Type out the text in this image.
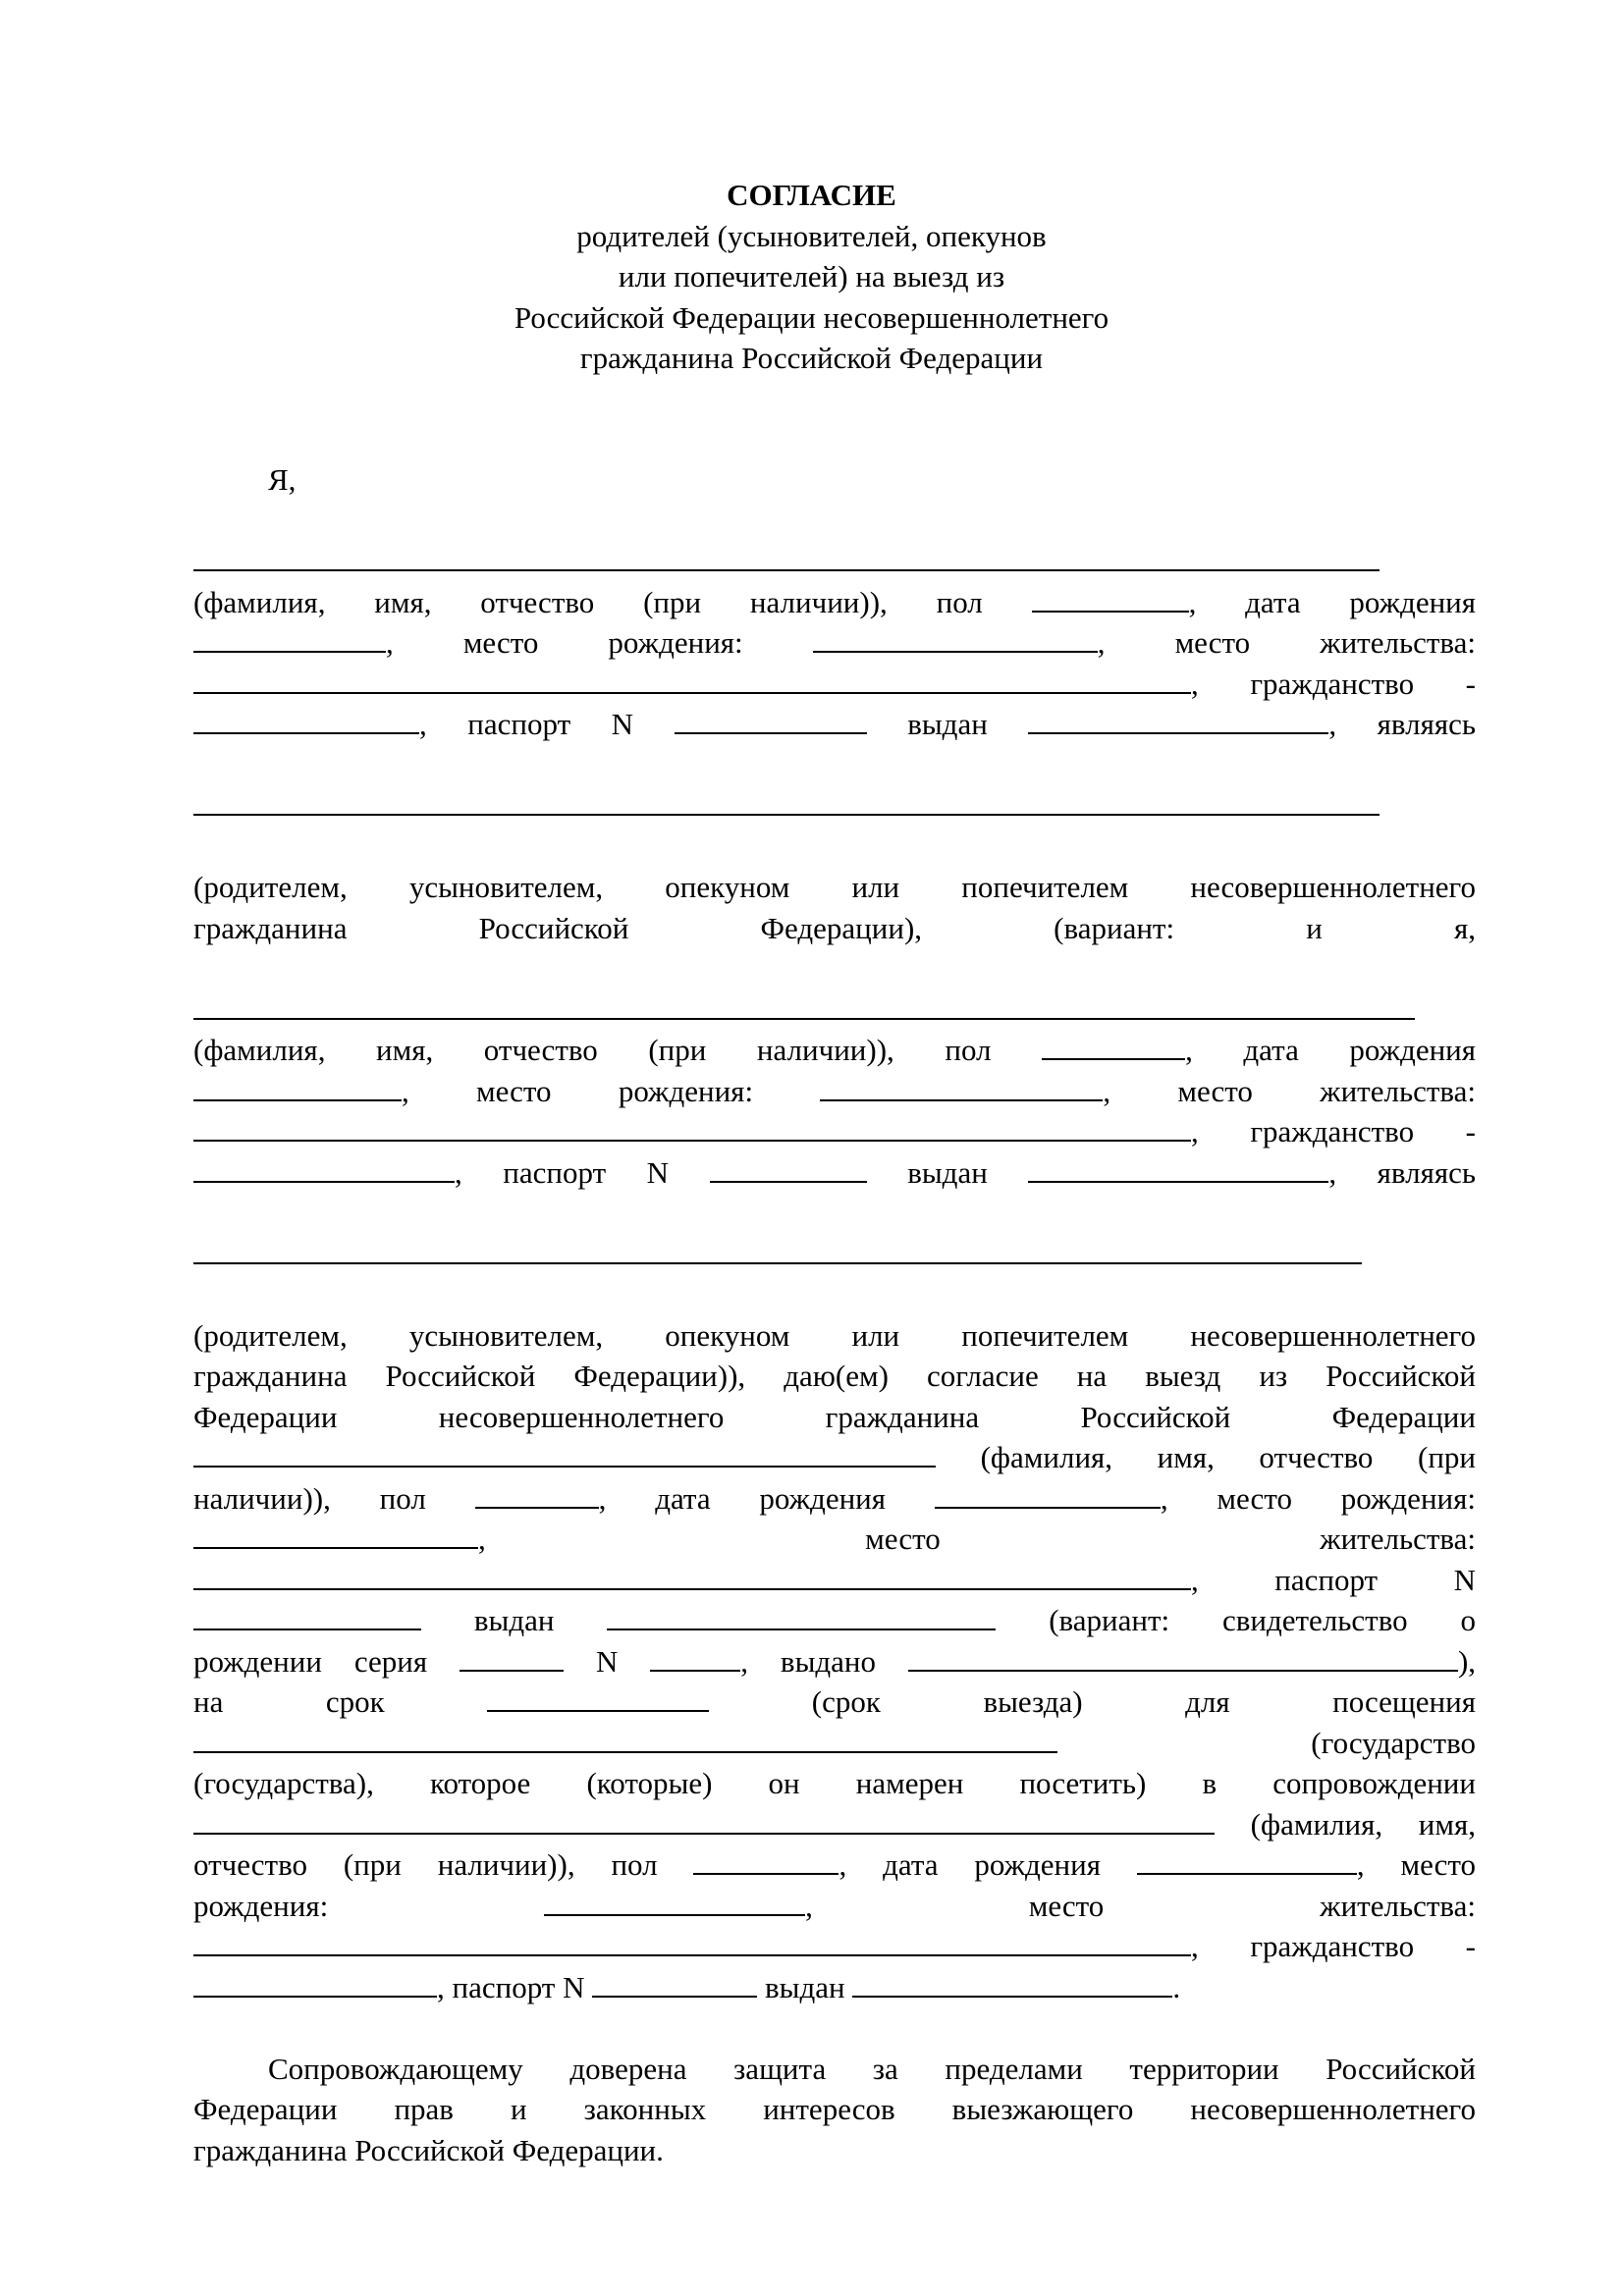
СОГЛАСИЕ
родителей (усыновителей, опекунов
или попечителей) на выезд из
Российской Федерации несовершеннолетнего
гражданина Российской Федерации
Я,
(фамилия, имя, отчество (при наличии)), пол	, дата рождения
, место рождения:	, место жительства:
, гражданство -
, паспорт N	выдан	, являясь
(родителем, усыновителем, опекуном или попечителем несовершеннолетнего
гражданина Российской Федерации), (вариант: и я,
(фамилия, имя, отчество (при наличии)), пол	, дата рождения
, место рождения:	, место жительства:
, гражданство -
, паспорт N	выдан	, являясь
(родителем, усыновителем, опекуном или попечителем несовершеннолетнего
гражданина Российской Федерации)), даю(ем) согласие на выезд из Российской
Федерации несовершеннолетнего гражданина Российской Федерации
(фамилия, имя, отчество (при
наличии)), пол	, дата рождения	, место рождения:
, место	жительства:
, паспорт	N
выдан	(вариант: свидетельство о
рождении серия	N	, выдано	),
на	срок	(срок выезда) для посещения
(государство
(государства), которое (которые) он намерен посетить) в сопровождении
(фамилия, имя,
отчество (при наличии)), пол	, дата рождения	, место
рождения:	, место	жительства:
, гражданство -
, паспорт N	выдан	.
Сопровождающему доверена защита за пределами территории Российской
Федерации прав и законных интересов выезжающего несовершеннолетнего
гражданина Российской Федерации.
